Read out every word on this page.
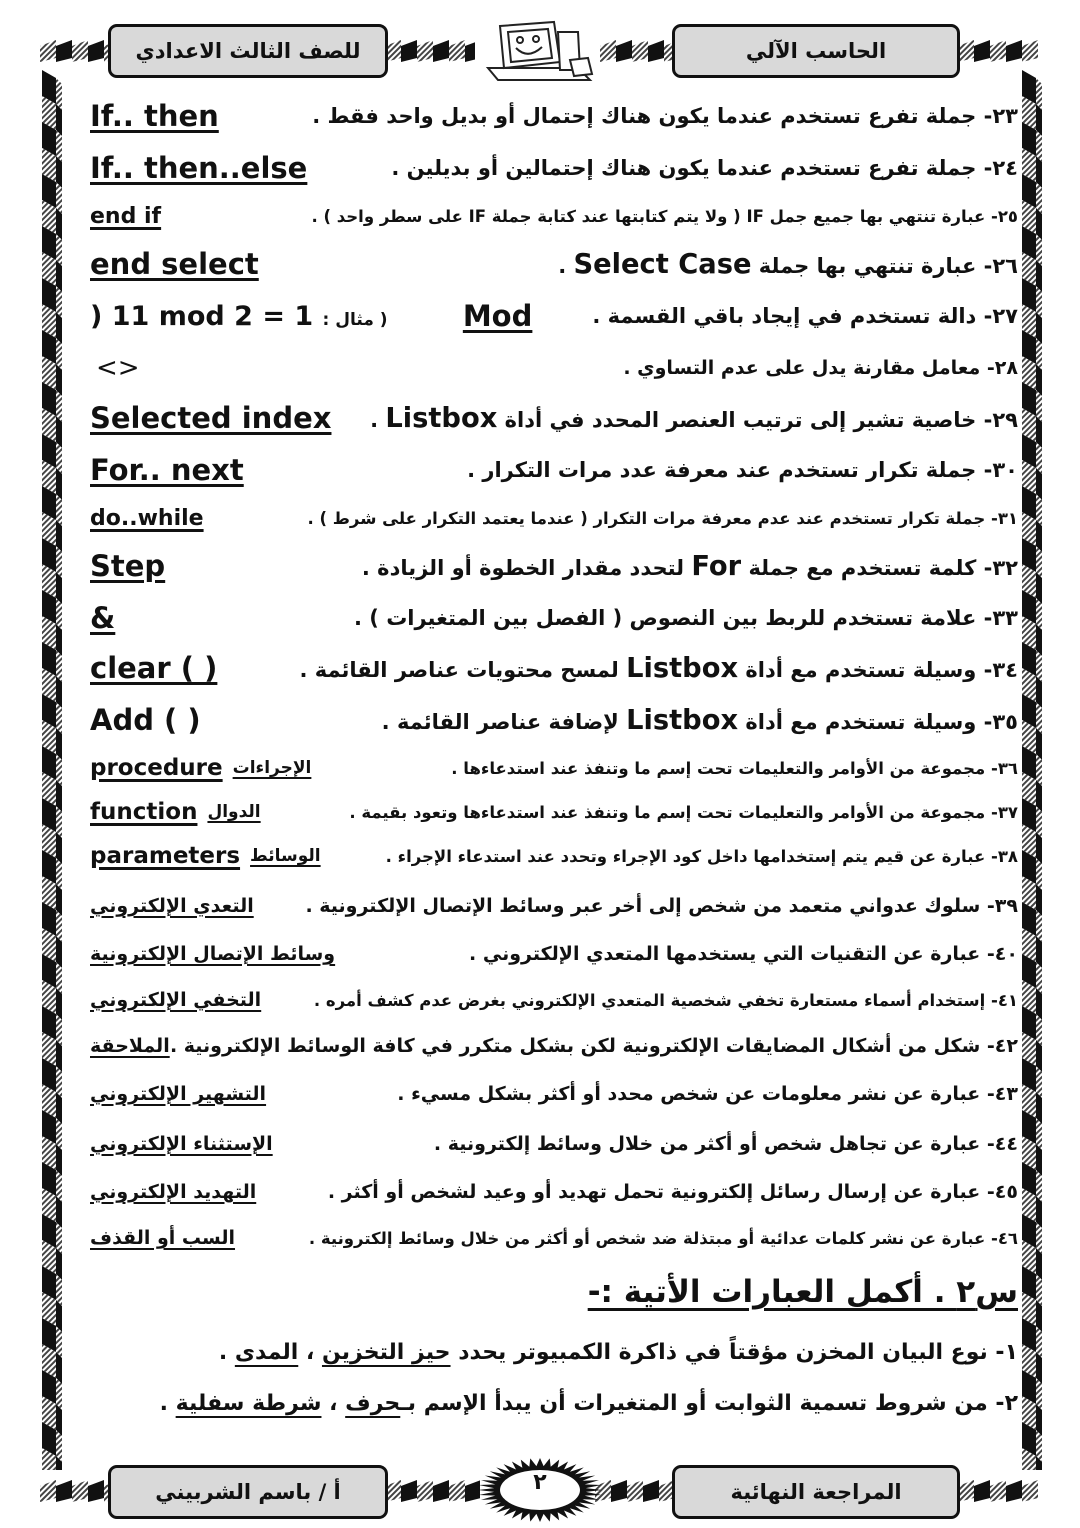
للصف الثالث الاعدادي	الحاسب الآلي
٢٣- جملة تفرع تستخدم عندما يكون هناك إحتمال أو بديل واحد فقط .
If.. then
٢٤- جملة تفرع تستخدم عندما يكون هناك إحتمالين أو بديلين .
If.. then..else
٢٥- عبارة تنتهي بها جميع جمل IF ( ولا يتم كتابتها عند كتابة جملة IF على سطر واحد ) .
end if
٢٦- عبارة تنتهي بها جملة Select Case .
end select
٢٧- دالة تستخدم في إيجاد باقي القسمة .
) 11 mod 2 = 1 ( مثال :	Mod
٢٨- معامل مقارنة يدل على عدم التساوي .
<>
٢٩- خاصية تشير إلى ترتيب العنصر المحدد في أداة Listbox .
Selected index
٣٠- جملة تكرار تستخدم عند معرفة عدد مرات التكرار .
For.. next
٣١- جملة تكرار تستخدم عند عدم معرفة مرات التكرار ( عندما يعتمد التكرار على شرط ) .
do..while
٣٢- كلمة تستخدم مع جملة For لتحدد مقدار الخطوة أو الزيادة .
Step
٣٣- علامة تستخدم للربط بين النصوص ( الفصل بين المتغيرات ) .
&
٣٤- وسيلة تستخدم مع أداة Listbox لمسح محتويات عناصر القائمة .
clear ( )
٣٥- وسيلة تستخدم مع أداة Listbox لإضافة عناصر القائمة .
Add ( )
٣٦- مجموعة من الأوامر والتعليمات تحت إسم ما وتنفذ عند استدعاءها .
الإجراءات
procedure
٣٧- مجموعة من الأوامر والتعليمات تحت إسم ما وتنفذ عند استدعاءها وتعود بقيمة .
الدوال
function
٣٨- عبارة عن قيم يتم إستخدامها داخل كود الإجراء وتحدد عند استدعاء الإجراء .
الوسائط
parameters
٣٩- سلوك عدواني متعمد من شخص إلى أخر عبر وسائط الإتصال الإلكترونية .
التعدي الإلكتروني
٤٠- عبارة عن التقنيات التي يستخدمها المتعدي الإلكتروني .
وسائط الإتصال الإلكترونية
٤١- إستخدام أسماء مستعارة تخفي شخصية المتعدي الإلكتروني بغرض عدم كشف أمره .
التخفي الإلكتروني
٤٢- شكل من أشكال المضايقات الإلكترونية لكن بشكل متكرر في كافة الوسائط الإلكترونية .
الملاحقة
٤٣- عبارة عن نشر معلومات عن شخص محدد أو أكثر بشكل مسيء .
التشهير الإلكتروني
٤٤- عبارة عن تجاهل شخص أو أكثر من خلال وسائط إلكترونية .
الإستثناء الإلكتروني
٤٥- عبارة عن إرسال رسائل إلكترونية تحمل تهديد أو وعيد لشخص أو أكثر .
التهديد الإلكتروني
٤٦- عبارة عن نشر كلمات عدائية أو مبتذلة ضد شخص أو أكثر من خلال وسائط إلكترونية .
السب أو القذف
س٢ . أكمل العبارات الأتية :-
١- نوع البيان المخزن مؤقتاً في ذاكرة الكمبيوتر يحدد حيز التخزين ، المدى .
٢- من شروط تسمية الثوابت أو المتغيرات أن يبدأ الإسم بـحرف ، شرطة سفلية .
أ / باسم الشربيني	المراجعة النهائية
٢
